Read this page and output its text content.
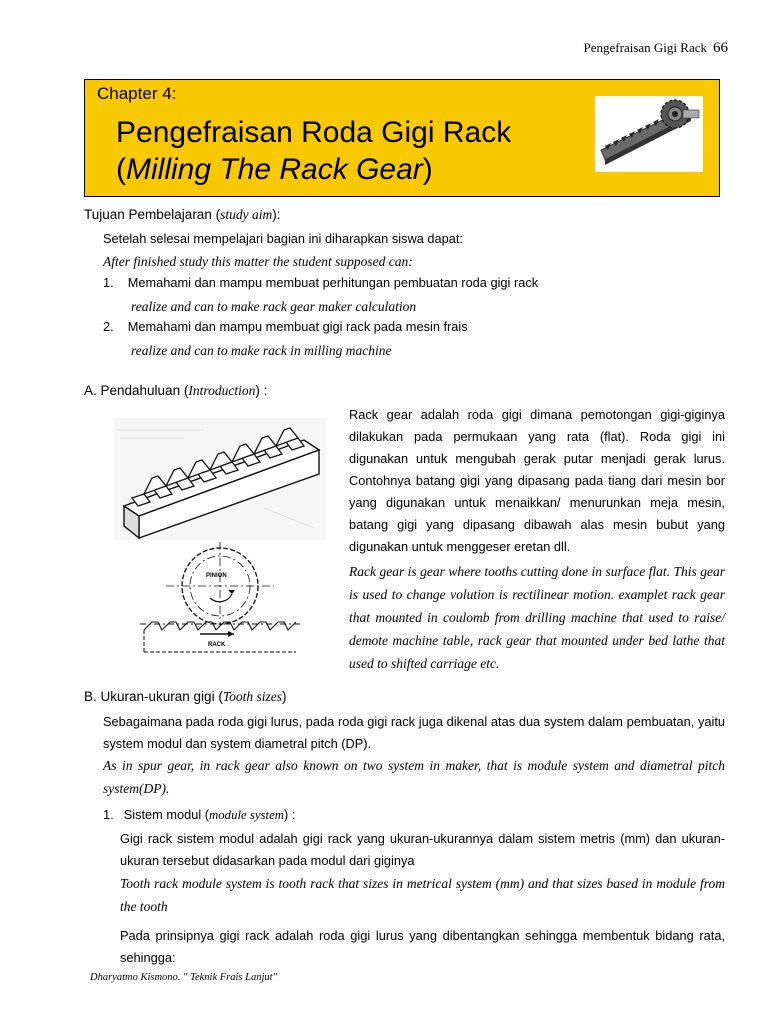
Pengefraisan Gigi Rack 66
Chapter 4:
Pengefraisan Roda Gigi Rack
(Milling The Rack Gear)
Tujuan Pembelajaran (study aim):
Setelah selesai mempelajari bagian ini diharapkan siswa dapat:
After finished study this matter the student supposed can:
1. Memahami dan mampu membuat perhitungan pembuatan roda gigi rack
realize and can to make rack gear maker calculation
2. Memahami dan mampu membuat gigi rack pada mesin frais
realize and can to make rack in milling machine
A. Pendahuluan (Introduction) :
Rack gear adalah roda gigi dimana pemotongan gigi-giginya dilakukan pada permukaan yang rata (flat). Roda gigi ini digunakan untuk mengubah gerak putar menjadi gerak lurus. Contohnya batang gigi yang dipasang pada tiang dari mesin bor yang digunakan untuk menaikkan/ menurunkan meja mesin, batang gigi yang dipasang dibawah alas mesin bubut yang digunakan untuk menggeser eretan dll.
Rack gear is gear where tooths cutting done in surface flat. This gear is used to change volution is rectilinear motion. examplet rack gear that mounted in coulomb from drilling machine that used to raise/ demote machine table, rack gear that mounted under bed lathe that used to shifted carriage etc.
PINION
RACK
B. Ukuran-ukuran gigi (Tooth sizes)
Sebagaimana pada roda gigi lurus, pada roda gigi rack juga dikenal atas dua system dalam pembuatan, yaitu system modul dan system diametral pitch (DP).
As in spur gear, in rack gear also known on two system in maker, that is module system and diametral pitch system(DP).
1. Sistem modul (module system) :
Gigi rack sistem modul adalah gigi rack yang ukuran-ukurannya dalam sistem metris (mm) dan ukuran-ukuran tersebut didasarkan pada modul dari giginya
Tooth rack module system is tooth rack that sizes in metrical system (mm) and that sizes based in module from the tooth
Pada prinsipnya gigi rack adalah roda gigi lurus yang dibentangkan sehingga membentuk bidang rata, sehingga:
Dharyatmo Kismono. " Teknik Frais Lanjut"
